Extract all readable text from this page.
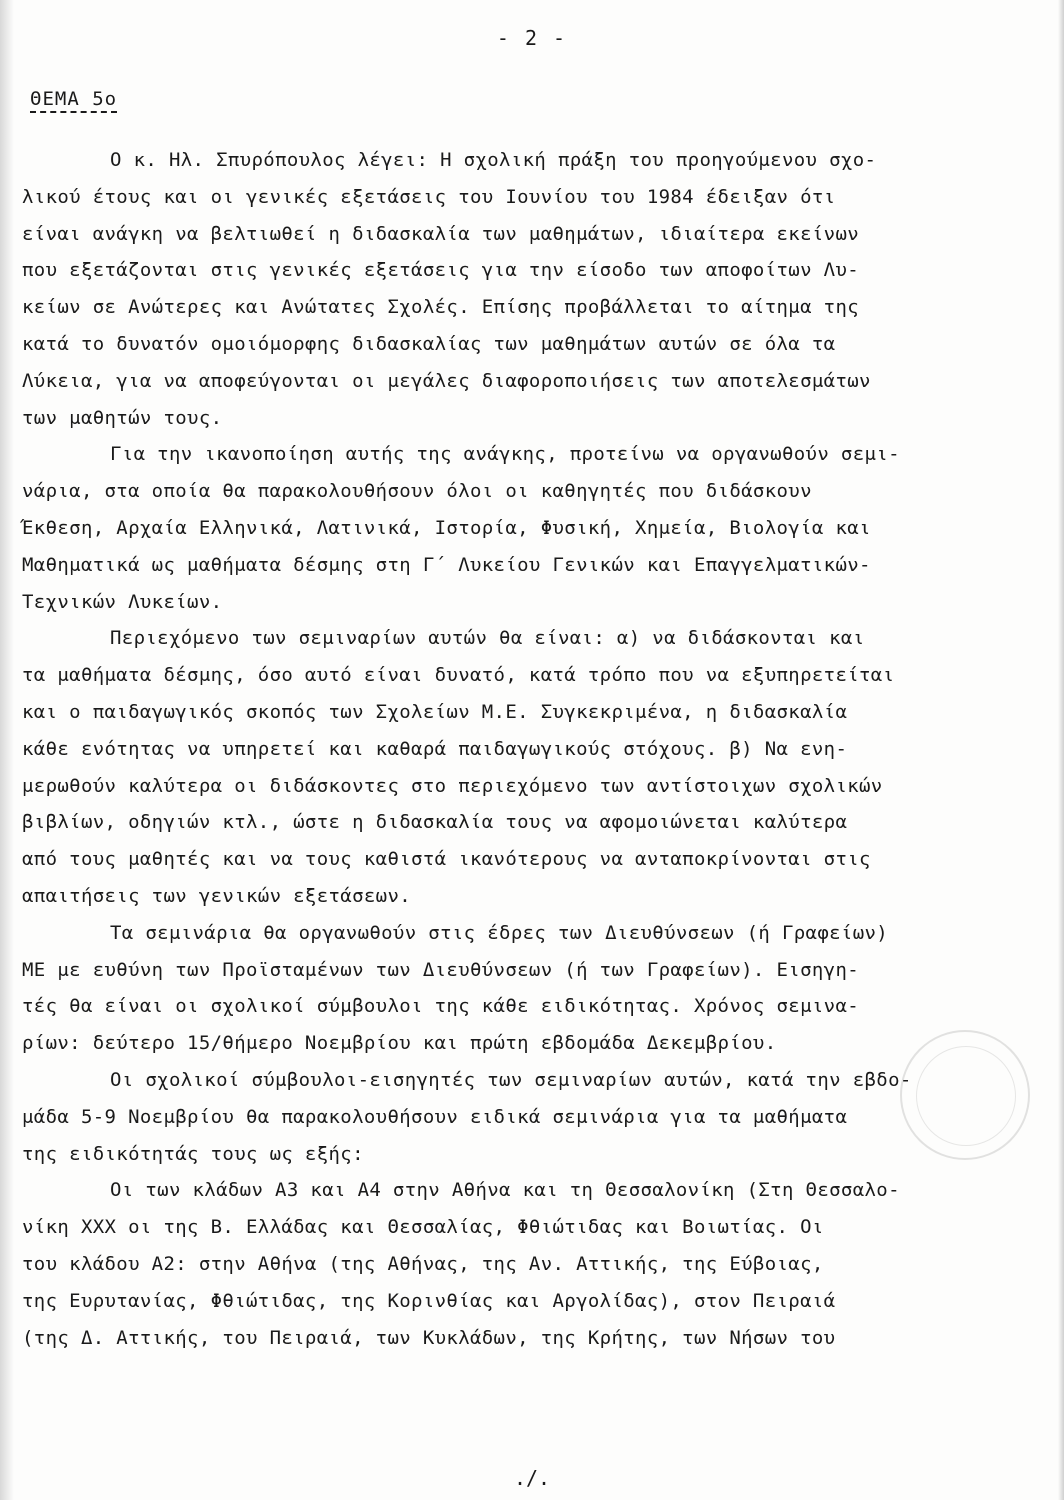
- 2 -
ΘΕΜΑ 5ο
Ο κ. Ηλ. Σπυρόπουλος λέγει: Η σχολική πράξη του προηγούμενου σχο-
λικού έτους και οι γενικές εξετάσεις του Ιουνίου του 1984 έδειξαν ότι
είναι ανάγκη να βελτιωθεί η διδασκαλία των μαθημάτων, ιδιαίτερα εκείνων
που εξετάζονται στις γενικές εξετάσεις για την είσοδο των αποφοίτων Λυ-
κείων σε Ανώτερες και Ανώτατες Σχολές. Επίσης προβάλλεται το αίτημα της
κατά το δυνατόν ομοιόμορφης διδασκαλίας των μαθημάτων αυτών σε όλα τα
Λύκεια, για να αποφεύγονται οι μεγάλες διαφοροποιήσεις των αποτελεσμάτων
των μαθητών τους.
Για την ικανοποίηση αυτής της ανάγκης, προτείνω να οργανωθούν σεμι-
νάρια, στα οποία θα παρακολουθήσουν όλοι οι καθηγητές που διδάσκουν
Έκθεση, Αρχαία Ελληνικά, Λατινικά, Ιστορία, Φυσική, Χημεία, Βιολογία και
Μαθηματικά ως μαθήματα δέσμης στη Γ΄ Λυκείου Γενικών και Επαγγελματικών-
Τεχνικών Λυκείων.
Περιεχόμενο των σεμιναρίων αυτών θα είναι: α) να διδάσκονται και
τα μαθήματα δέσμης, όσο αυτό είναι δυνατό, κατά τρόπο που να εξυπηρετείται
και ο παιδαγωγικός σκοπός των Σχολείων Μ.Ε. Συγκεκριμένα, η διδασκαλία
κάθε ενότητας να υπηρετεί και καθαρά παιδαγωγικούς στόχους. β) Να ενη-
μερωθούν καλύτερα οι διδάσκοντες στο περιεχόμενο των αντίστοιχων σχολικών
βιβλίων, οδηγιών κτλ., ώστε η διδασκαλία τους να αφομοιώνεται καλύτερα
από τους μαθητές και να τους καθιστά ικανότερους να ανταποκρίνονται στις
απαιτήσεις των γενικών εξετάσεων.
Τα σεμινάρια θα οργανωθούν στις έδρες των Διευθύνσεων (ή Γραφείων)
ΜΕ με ευθύνη των Προϊσταμένων των Διευθύνσεων (ή των Γραφείων). Εισηγη-
τές θα είναι οι σχολικοί σύμβουλοι της κάθε ειδικότητας. Χρόνος σεμινα-
ρίων: δεύτερο 15/θήμερο Νοεμβρίου και πρώτη εβδομάδα Δεκεμβρίου.
Οι σχολικοί σύμβουλοι-εισηγητές των σεμιναρίων αυτών, κατά την εβδο-
μάδα 5-9 Νοεμβρίου θα παρακολουθήσουν ειδικά σεμινάρια για τα μαθήματα
της ειδικότητάς τους ως εξής:
Οι των κλάδων Α3 και Α4 στην Αθήνα και τη Θεσσαλονίκη (Στη Θεσσαλο-
νίκη ΧΧΧ οι της Β. Ελλάδας και Θεσσαλίας, Φθιώτιδας και Βοιωτίας. Οι
του κλάδου Α2: στην Αθήνα (της Αθήνας, της Αν. Αττικής, της Εύβοιας,
της Ευρυτανίας, Φθιώτιδας, της Κορινθίας και Αργολίδας), στον Πειραιά
(της Δ. Αττικής, του Πειραιά, των Κυκλάδων, της Κρήτης, των Νήσων του
./.
